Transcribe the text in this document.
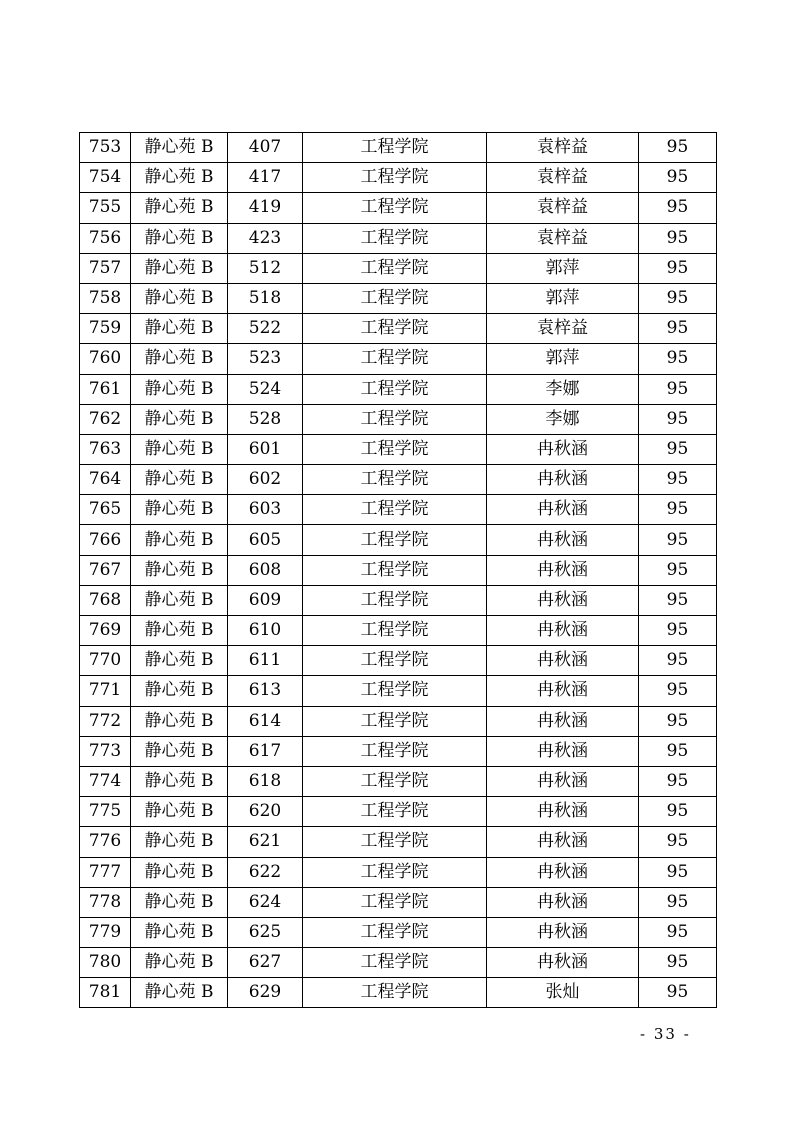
753	静心苑 B	407	工程学院	袁梓益	95
754	静心苑 B	417	工程学院	袁梓益	95
755	静心苑 B	419	工程学院	袁梓益	95
756	静心苑 B	423	工程学院	袁梓益	95
757	静心苑 B	512	工程学院	郭萍	95
758	静心苑 B	518	工程学院	郭萍	95
759	静心苑 B	522	工程学院	袁梓益	95
760	静心苑 B	523	工程学院	郭萍	95
761	静心苑 B	524	工程学院	李娜	95
762	静心苑 B	528	工程学院	李娜	95
763	静心苑 B	601	工程学院	冉秋涵	95
764	静心苑 B	602	工程学院	冉秋涵	95
765	静心苑 B	603	工程学院	冉秋涵	95
766	静心苑 B	605	工程学院	冉秋涵	95
767	静心苑 B	608	工程学院	冉秋涵	95
768	静心苑 B	609	工程学院	冉秋涵	95
769	静心苑 B	610	工程学院	冉秋涵	95
770	静心苑 B	611	工程学院	冉秋涵	95
771	静心苑 B	613	工程学院	冉秋涵	95
772	静心苑 B	614	工程学院	冉秋涵	95
773	静心苑 B	617	工程学院	冉秋涵	95
774	静心苑 B	618	工程学院	冉秋涵	95
775	静心苑 B	620	工程学院	冉秋涵	95
776	静心苑 B	621	工程学院	冉秋涵	95
777	静心苑 B	622	工程学院	冉秋涵	95
778	静心苑 B	624	工程学院	冉秋涵	95
779	静心苑 B	625	工程学院	冉秋涵	95
780	静心苑 B	627	工程学院	冉秋涵	95
781	静心苑 B	629	工程学院	张灿	95
- 33 -
